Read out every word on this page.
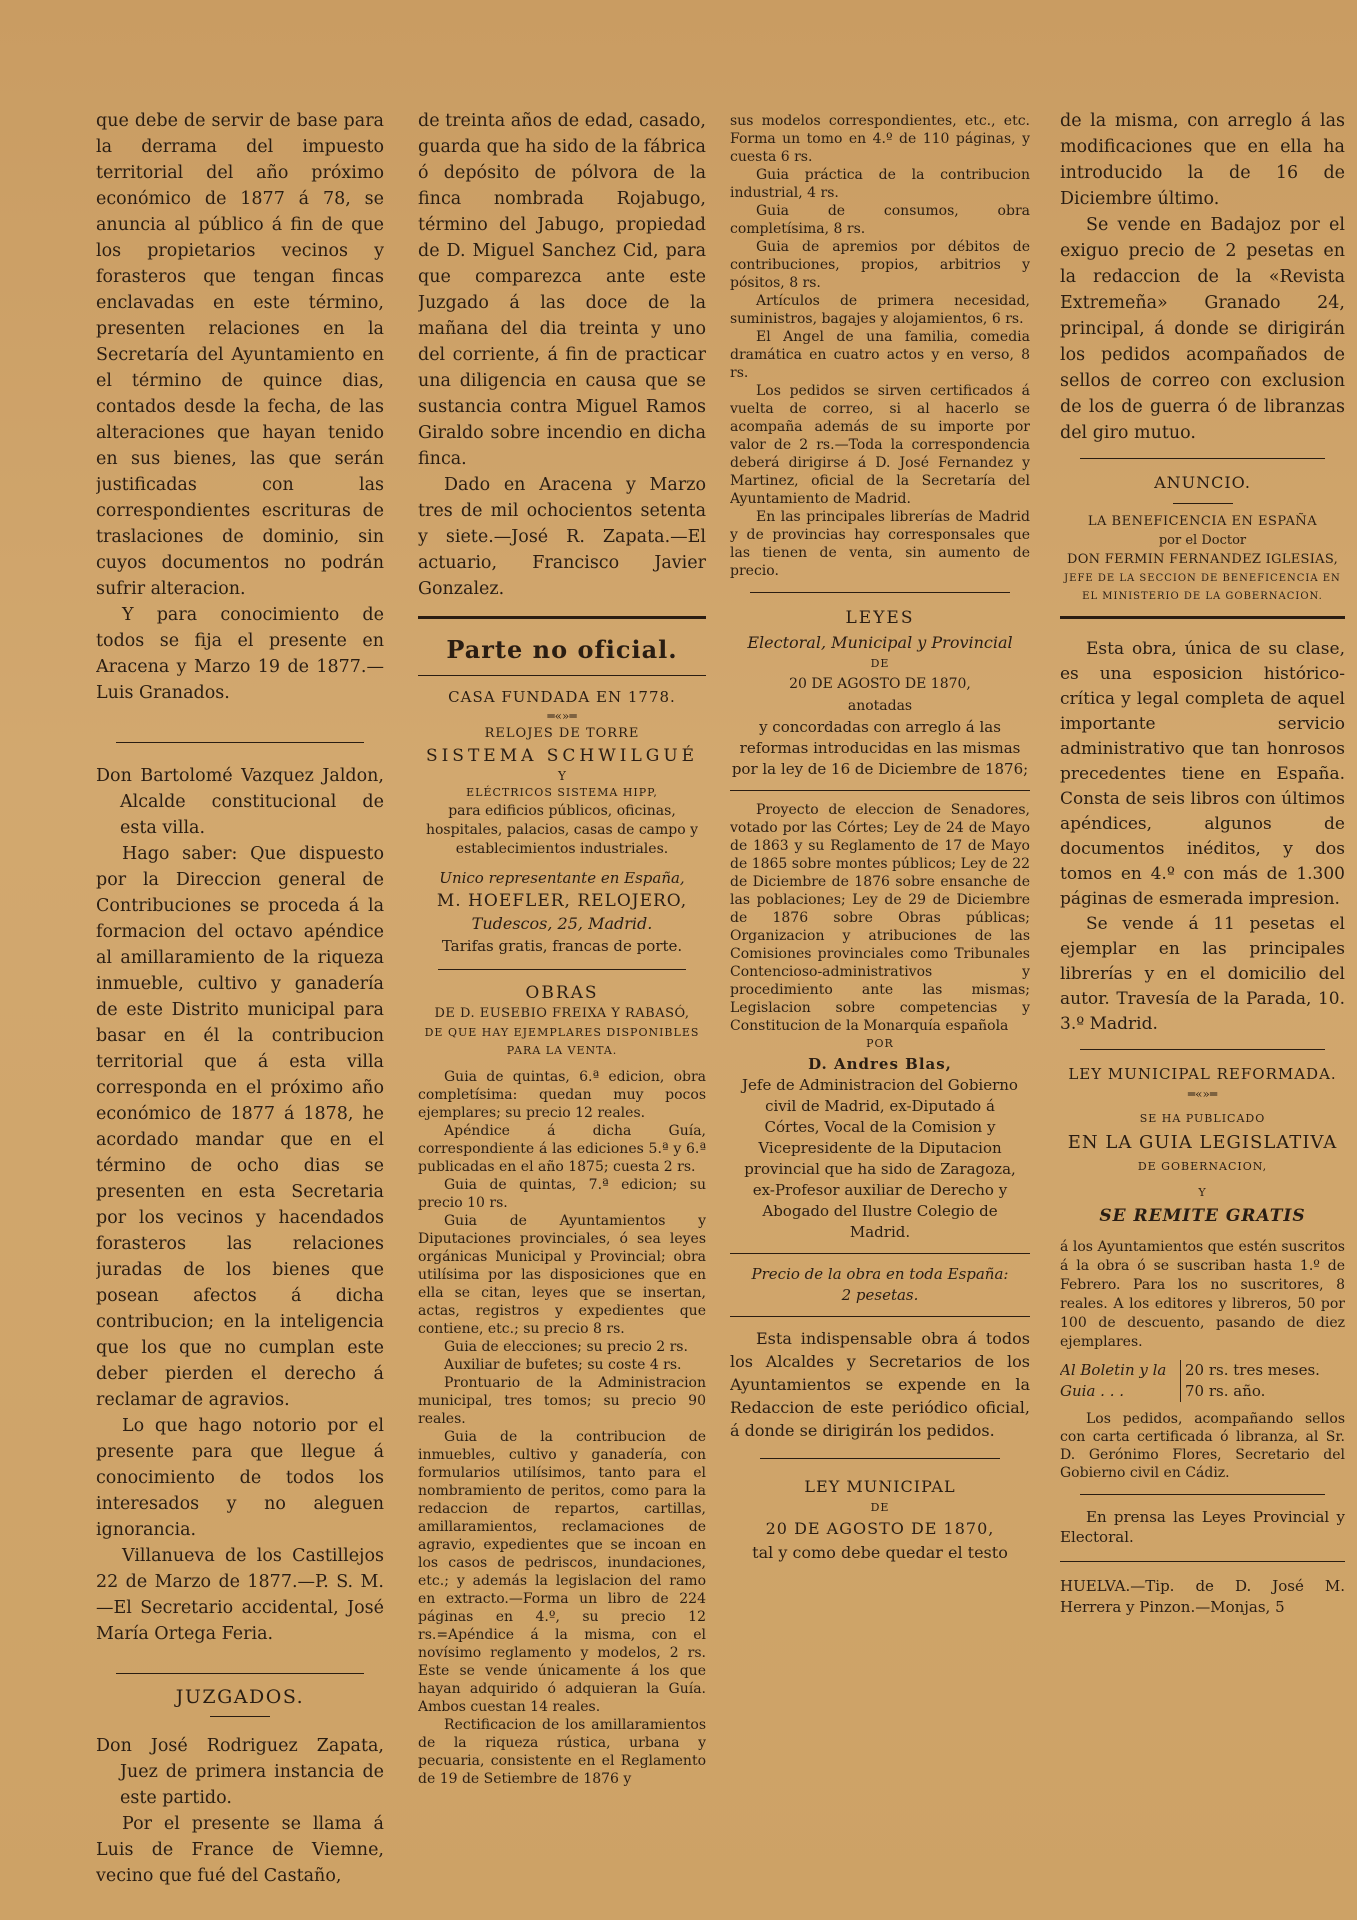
que debe de servir de base para la derrama del impuesto territorial del año próximo económico de 1877 á 78, se anuncia al público á fin de que los propietarios vecinos y forasteros que tengan fincas enclavadas en este término, presenten relaciones en la Secretaría del Ayuntamiento en el término de quince dias, contados desde la fecha, de las alteraciones que hayan tenido en sus bienes, las que serán justificadas con las correspondientes escrituras de traslaciones de dominio, sin cuyos documentos no podrán sufrir alteracion.

Y para conocimiento de todos se fija el presente en Aracena y Marzo 19 de 1877.—Luis Granados.

Don Bartolomé Vazquez Jaldon, Alcalde constitucional de esta villa.

Hago saber: Que dispuesto por la Direccion general de Contribuciones se proceda á la formacion del octavo apéndice al amillaramiento de la riqueza inmueble, cultivo y ganadería de este Distrito municipal para basar en él la contribucion territorial que á esta villa corresponda en el próximo año económico de 1877 á 1878, he acordado mandar que en el término de ocho dias se presenten en esta Secretaria por los vecinos y hacendados forasteros las relaciones juradas de los bienes que posean afectos á dicha contribucion; en la inteligencia que los que no cumplan este deber pierden el derecho á reclamar de agravios.

Lo que hago notorio por el presente para que llegue á conocimiento de todos los interesados y no aleguen ignorancia.

Villanueva de los Castillejos 22 de Marzo de 1877.—P. S. M.—El Secretario accidental, José María Ortega Feria.

JUZGADOS.

Don José Rodriguez Zapata, Juez de primera instancia de este partido.

Por el presente se llama á Luis de France de Viemne, vecino que fué del Castaño,

de treinta años de edad, casado, guarda que ha sido de la fábrica ó depósito de pólvora de la finca nombrada Rojabugo, término del Jabugo, propiedad de D. Miguel Sanchez Cid, para que comparezca ante este Juzgado á las doce de la mañana del dia treinta y uno del corriente, á fin de practicar una diligencia en causa que se sustancia contra Miguel Ramos Giraldo sobre incendio en dicha finca.

Dado en Aracena y Marzo tres de mil ochocientos setenta y siete.—José R. Zapata.—El actuario, Francisco Javier Gonzalez.

Parte no oficial.

CASA FUNDADA EN 1778.

═«»═

RELOJES DE TORRE

SISTEMA SCHWILGUÉ

Y

ELÉCTRICOS SISTEMA HIPP,

para edificios públicos, oficinas, hospitales, palacios, casas de campo y establecimientos industriales.

Unico representante en España,

M. HOEFLER, RELOJERO,

Tudescos, 25, Madrid.

Tarifas gratis, francas de porte.

OBRAS

DE D. EUSEBIO FREIXA Y RABASÓ,

DE QUE HAY EJEMPLARES DISPONIBLES PARA LA VENTA.

Guia de quintas, 6.ª edicion, obra completísima: quedan muy pocos ejemplares; su precio 12 reales.

Apéndice á dicha Guía, correspondiente á las ediciones 5.ª y 6.ª publicadas en el año 1875; cuesta 2 rs.

Guia de quintas, 7.ª edicion; su precio 10 rs.

Guia de Ayuntamientos y Diputaciones provinciales, ó sea leyes orgánicas Municipal y Provincial; obra utilísima por las disposiciones que en ella se citan, leyes que se insertan, actas, registros y expedientes que contiene, etc.; su precio 8 rs.

Guia de elecciones; su precio 2 rs.

Auxiliar de bufetes; su coste 4 rs.

Prontuario de la Administracion municipal, tres tomos; su precio 90 reales.

Guia de la contribucion de inmuebles, cultivo y ganadería, con formularios utilísimos, tanto para el nombramiento de peritos, como para la redaccion de repartos, cartillas, amillaramientos, reclamaciones de agravio, expedientes que se incoan en los casos de pedriscos, inundaciones, etc.; y además la legislacion del ramo en extracto.—Forma un libro de 224 páginas en 4.º, su precio 12 rs.=Apéndice á la misma, con el novísimo reglamento y modelos, 2 rs. Este se vende únicamente á los que hayan adquirido ó adquieran la Guía. Ambos cuestan 14 reales.

Rectificacion de los amillaramientos de la riqueza rústica, urbana y pecuaria, consistente en el Reglamento de 19 de Setiembre de 1876 y

sus modelos correspondientes, etc., etc. Forma un tomo en 4.º de 110 páginas, y cuesta 6 rs.

Guia práctica de la contribucion industrial, 4 rs.

Guia de consumos, obra completísima, 8 rs.

Guia de apremios por débitos de contribuciones, propios, arbitrios y pósitos, 8 rs.

Artículos de primera necesidad, suministros, bagajes y alojamientos, 6 rs.

El Angel de una familia, comedia dramática en cuatro actos y en verso, 8 rs.

Los pedidos se sirven certificados á vuelta de correo, si al hacerlo se acompaña además de su importe por valor de 2 rs.—Toda la correspondencia deberá dirigirse á D. José Fernandez y Martinez, oficial de la Secretaría del Ayuntamiento de Madrid.

En las principales librerías de Madrid y de provincias hay corresponsales que las tienen de venta, sin aumento de precio.

LEYES

Electoral, Municipal y Provincial

DE

20 DE AGOSTO DE 1870,

anotadas

y concordadas con arreglo á las reformas introducidas en las mismas por la ley de 16 de Diciembre de 1876;

Proyecto de eleccion de Senadores, votado por las Córtes; Ley de 24 de Mayo de 1863 y su Reglamento de 17 de Mayo de 1865 sobre montes públicos; Ley de 22 de Diciembre de 1876 sobre ensanche de las poblaciones; Ley de 29 de Diciembre de 1876 sobre Obras públicas; Organizacion y atribuciones de las Comisiones provinciales como Tribunales Contencioso-administrativos y procedimiento ante las mismas; Legislacion sobre competencias y Constitucion de la Monarquía española

POR

D. Andres Blas,

Jefe de Administracion del Gobierno civil de Madrid, ex-Diputado á Córtes, Vocal de la Comision y Vicepresidente de la Diputacion provincial que ha sido de Zaragoza, ex-Profesor auxiliar de Derecho y Abogado del Ilustre Colegio de Madrid.

Precio de la obra en toda España:

2 pesetas.

Esta indispensable obra á todos los Alcaldes y Secretarios de los Ayuntamientos se expende en la Redaccion de este periódico oficial, á donde se dirigirán los pedidos.

LEY MUNICIPAL

DE

20 DE AGOSTO DE 1870,

tal y como debe quedar el testo

de la misma, con arreglo á las modificaciones que en ella ha introducido la de 16 de Diciembre último.

Se vende en Badajoz por el exiguo precio de 2 pesetas en la redaccion de la «Revista Extremeña» Granado 24, principal, á donde se dirigirán los pedidos acompañados de sellos de correo con exclusion de los de guerra ó de libranzas del giro mutuo.

ANUNCIO.

LA BENEFICENCIA EN ESPAÑA

por el Doctor

DON FERMIN FERNANDEZ IGLESIAS,

JEFE DE LA SECCION DE BENEFICENCIA EN EL MINISTERIO DE LA GOBERNACION.

Esta obra, única de su clase, es una esposicion histórico-crítica y legal completa de aquel importante servicio administrativo que tan honrosos precedentes tiene en España. Consta de seis libros con últimos apéndices, algunos de documentos inéditos, y dos tomos en 4.º con más de 1.300 páginas de esmerada impresion.

Se vende á 11 pesetas el ejemplar en las principales librerías y en el domicilio del autor. Travesía de la Parada, 10. 3.º Madrid.

LEY MUNICIPAL REFORMADA.

═«»═

SE HA PUBLICADO

EN LA GUIA LEGISLATIVA

DE GOBERNACION,

Y

SE REMITE GRATIS

á los Ayuntamientos que estén suscritos á la obra ó se suscriban hasta 1.º de Febrero. Para los no suscritores, 8 reales. A los editores y libreros, 50 por 100 de descuento, pasando de diez ejemplares.

Al Boletin y la
Guia . . .
20 rs. tres meses.
70 rs. año.

Los pedidos, acompañando sellos con carta certificada ó libranza, al Sr. D. Gerónimo Flores, Secretario del Gobierno civil en Cádiz.

En prensa las Leyes Provincial y Electoral.

HUELVA.—Tip. de D. José M. Herrera y Pinzon.—Monjas, 5
